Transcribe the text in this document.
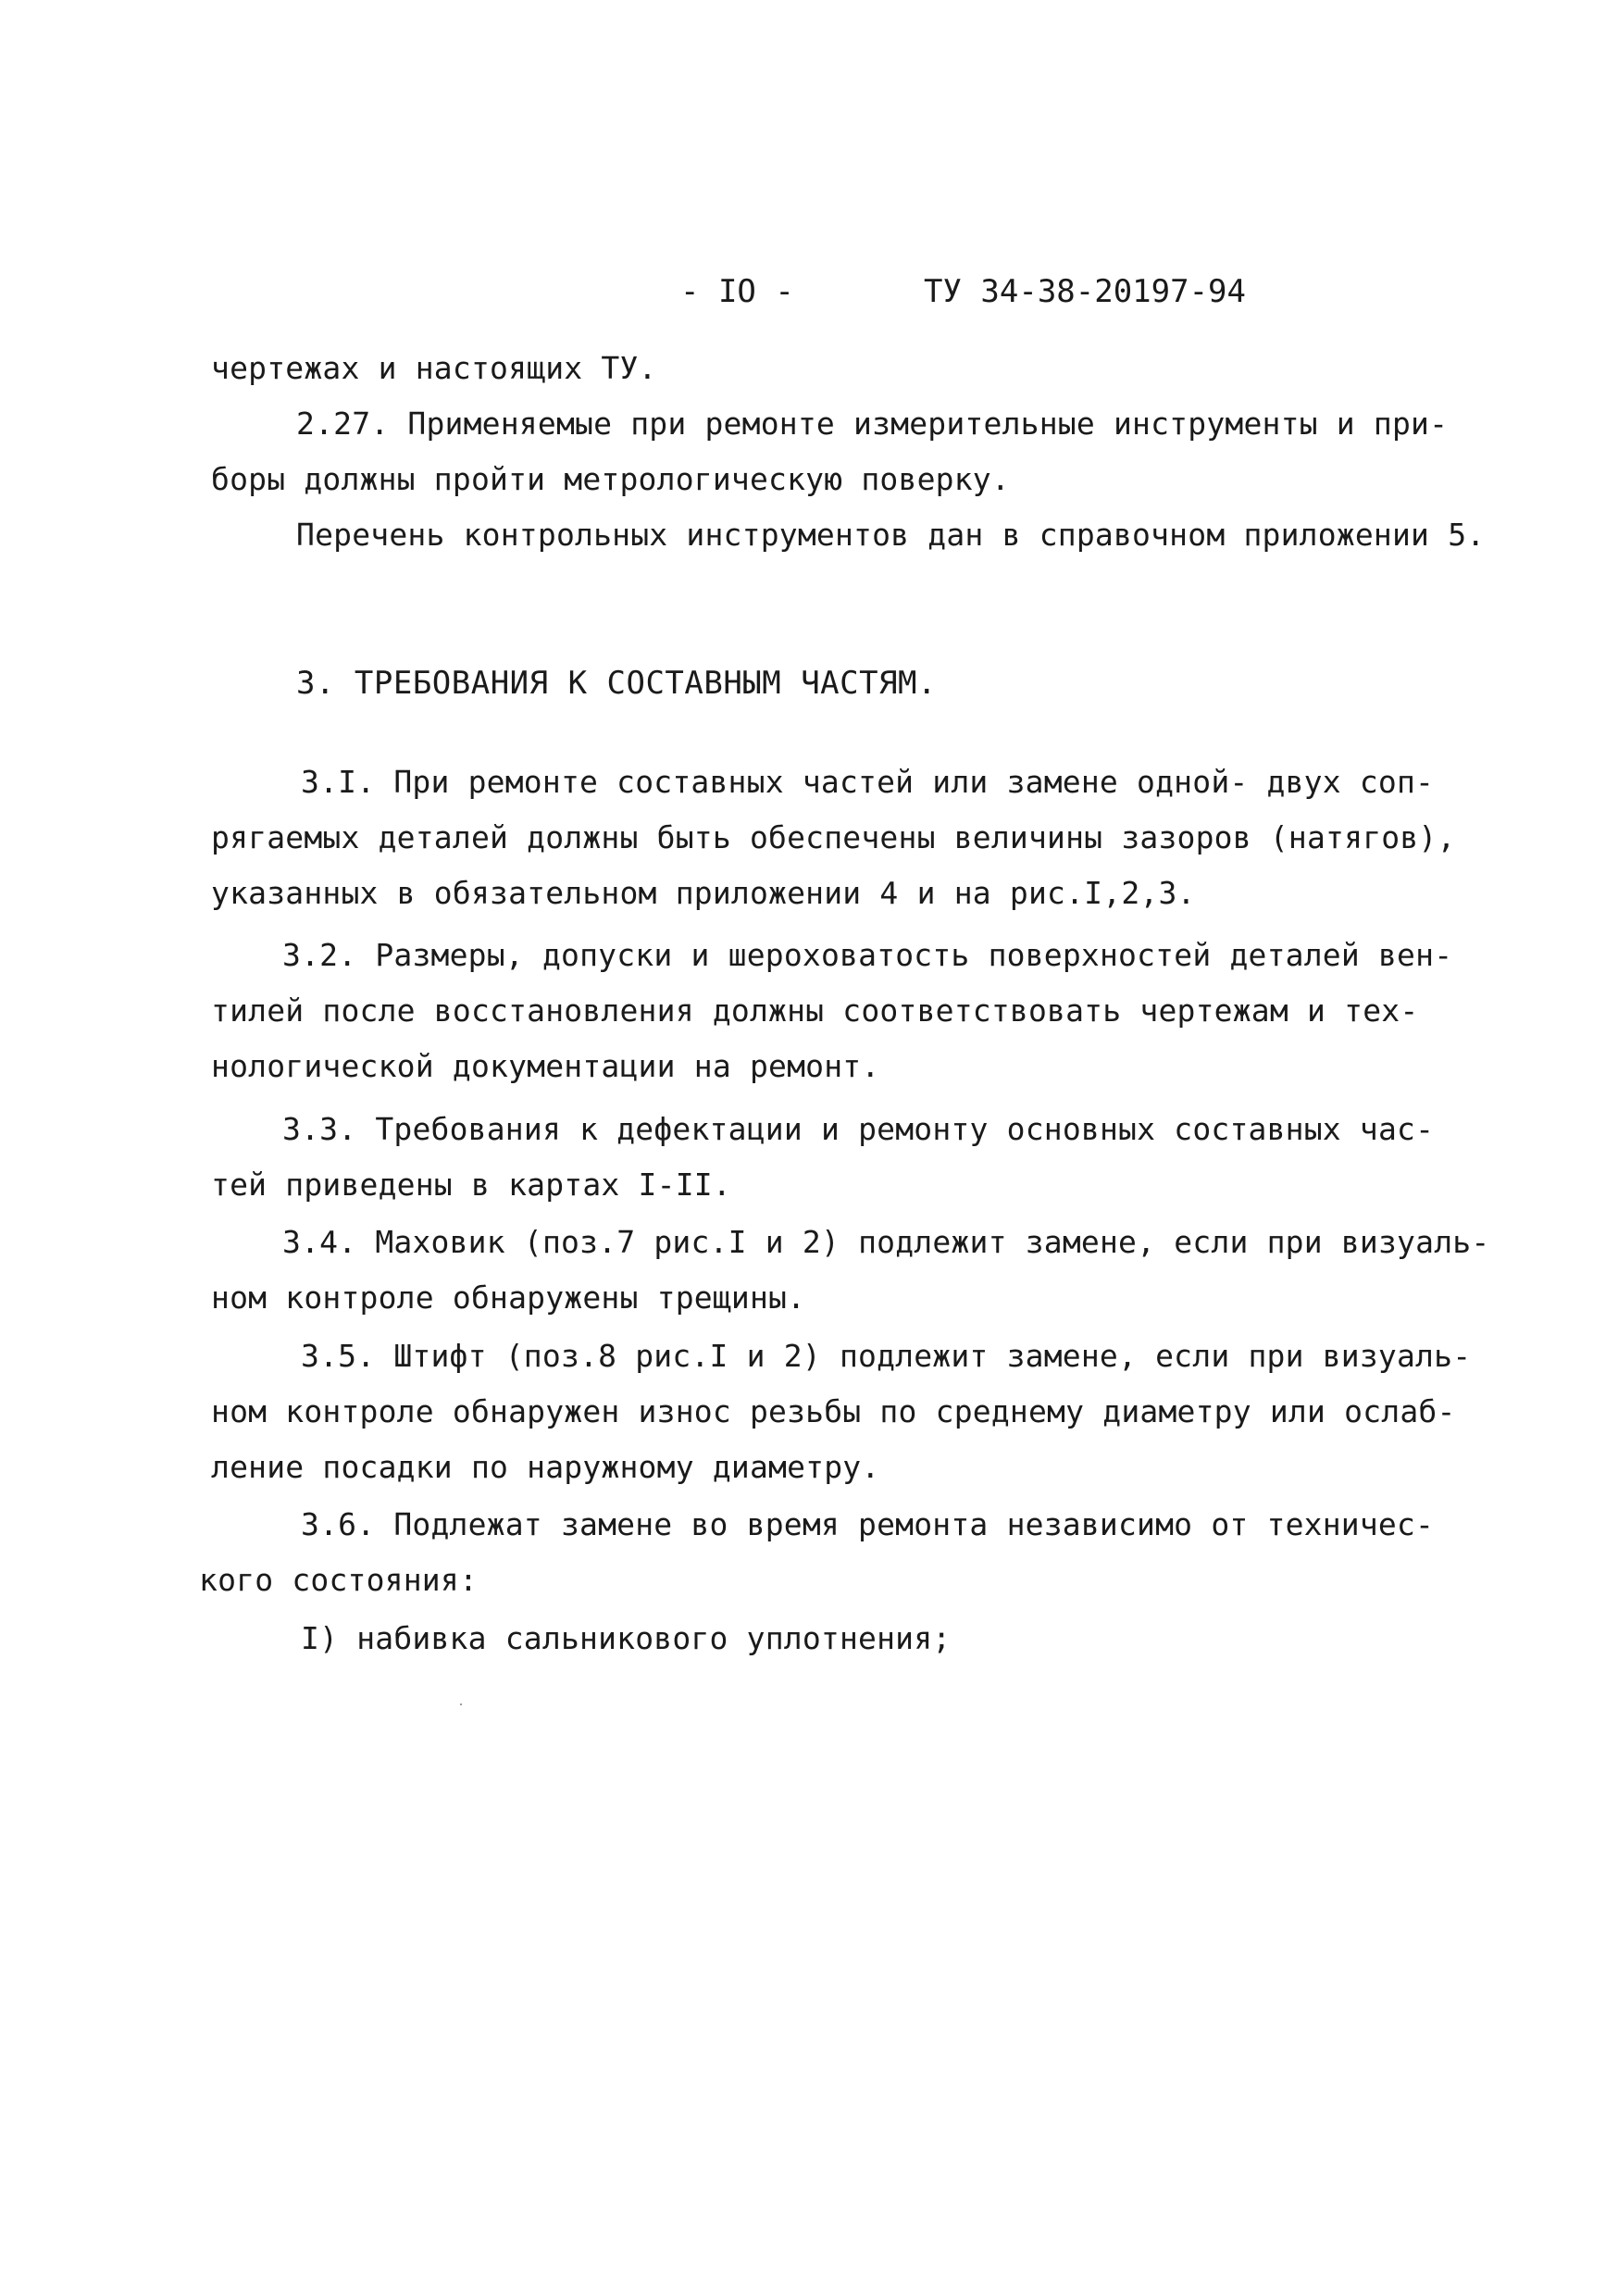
- IO -	ТУ 34-38-20197-94
чертежах и настоящих ТУ.
2.27. Применяемые при ремонте измерительные инструменты и при-
боры должны пройти метрологическую поверку.
Перечень контрольных инструментов дан в справочном приложении 5.
3. ТРЕБОВАНИЯ К СОСТАВНЫМ ЧАСТЯМ.
3.I. При ремонте составных частей или замене одной- двух соп-
рягаемых деталей должны быть обеспечены величины зазоров (натягов),
указанных в обязательном приложении 4 и на рис.I,2,3.
3.2. Размеры, допуски и шероховатость поверхностей деталей вен-
тилей после восстановления должны соответствовать чертежам и тех-
нологической документации на ремонт.
3.3. Требования к дефектации и ремонту основных составных час-
тей приведены в картах I-II.
3.4. Маховик (поз.7 рис.I и 2) подлежит замене, если при визуаль-
ном контроле обнаружены трещины.
3.5. Штифт (поз.8 рис.I и 2) подлежит замене, если при визуаль-
ном контроле обнаружен износ резьбы по среднему диаметру или ослаб-
ление посадки по наружному диаметру.
3.6. Подлежат замене во время ремонта независимо от техничес-
кого состояния:
I) набивка сальникового уплотнения;
